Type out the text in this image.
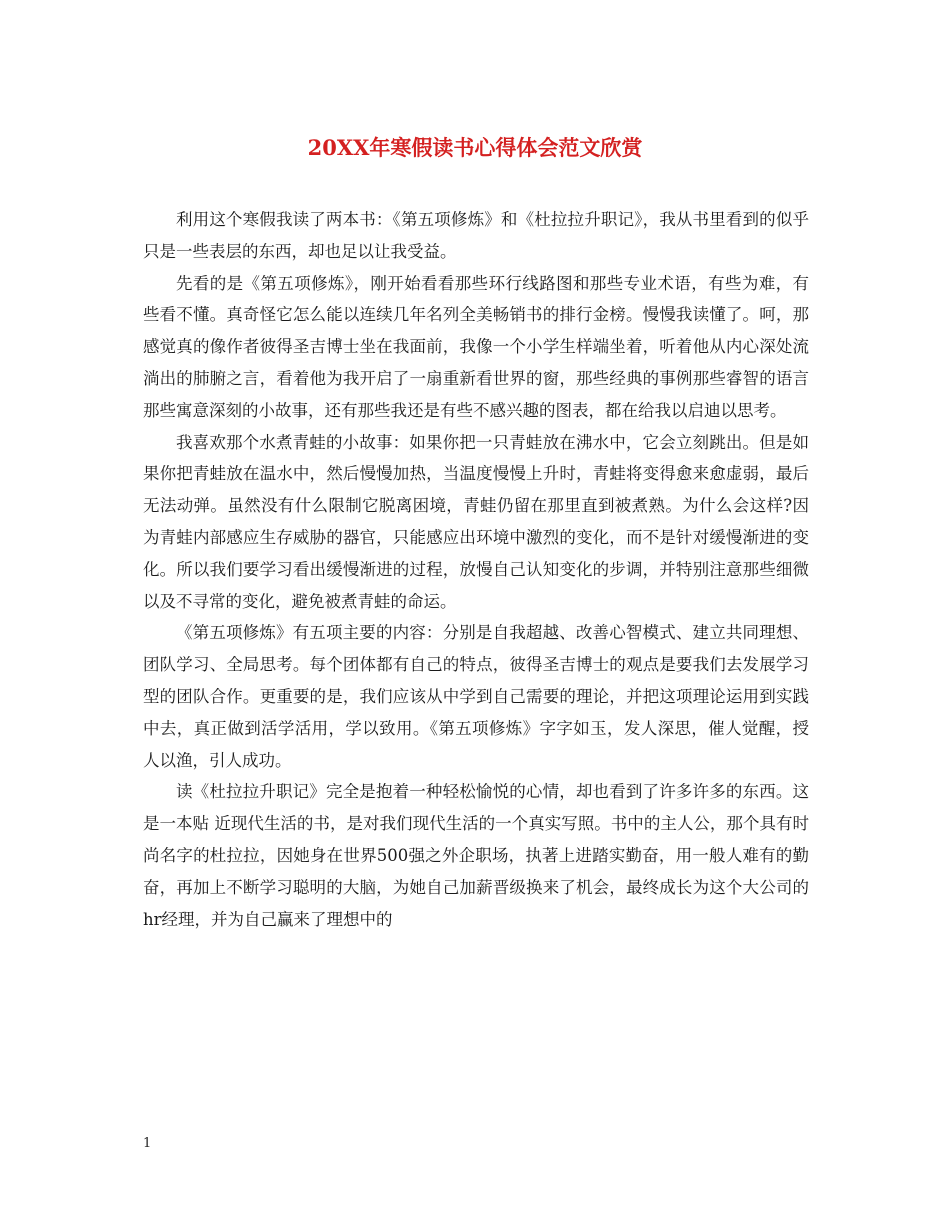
20XX年寒假读书心得体会范文欣赏

利用这个寒假我读了两本书：《第五项修炼》和《杜拉拉升职记》，我从书里看到的似乎只是一些表层的东西，却也足以让我受益。

先看的是《第五项修炼》，刚开始看看那些环行线路图和那些专业术语，有些为难，有些看不懂。真奇怪它怎么能以连续几年名列全美畅销书的排行金榜。慢慢我读懂了。呵，那感觉真的像作者彼得圣吉博士坐在我面前，我像一个小学生样端坐着，听着他从内心深处流淌出的肺腑之言，看着他为我开启了一扇重新看世界的窗，那些经典的事例那些睿智的语言那些寓意深刻的小故事，还有那些我还是有些不感兴趣的图表，都在给我以启迪以思考。

我喜欢那个水煮青蛙的小故事：如果你把一只青蛙放在沸水中，它会立刻跳出。但是如果你把青蛙放在温水中，然后慢慢加热，当温度慢慢上升时，青蛙将变得愈来愈虚弱，最后无法动弹。虽然没有什么限制它脱离困境，青蛙仍留在那里直到被煮熟。为什么会这样?因为青蛙内部感应生存威胁的器官，只能感应出环境中激烈的变化，而不是针对缓慢渐进的变化。所以我们要学习看出缓慢渐进的过程，放慢自己认知变化的步调，并特别注意那些细微以及不寻常的变化，避免被煮青蛙的命运。

《第五项修炼》有五项主要的内容：分别是自我超越、改善心智模式、建立共同理想、团队学习、全局思考。每个团体都有自己的特点，彼得圣吉博士的观点是要我们去发展学习型的团队合作。更重要的是，我们应该从中学到自己需要的理论，并把这项理论运用到实践中去，真正做到活学活用，学以致用。《第五项修炼》字字如玉，发人深思，催人觉醒，授人以渔，引人成功。

读《杜拉拉升职记》完全是抱着一种轻松愉悦的心情，却也看到了许多许多的东西。这是一本贴 近现代生活的书，是对我们现代生活的一个真实写照。书中的主人公，那个具有时尚名字的杜拉拉，因她身在世界500强之外企职场，执著上进踏实勤奋，用一般人难有的勤奋，再加上不断学习聪明的大脑，为她自己加薪晋级换来了机会，最终成长为这个大公司的hr经理，并为自己赢来了理想中的

1
